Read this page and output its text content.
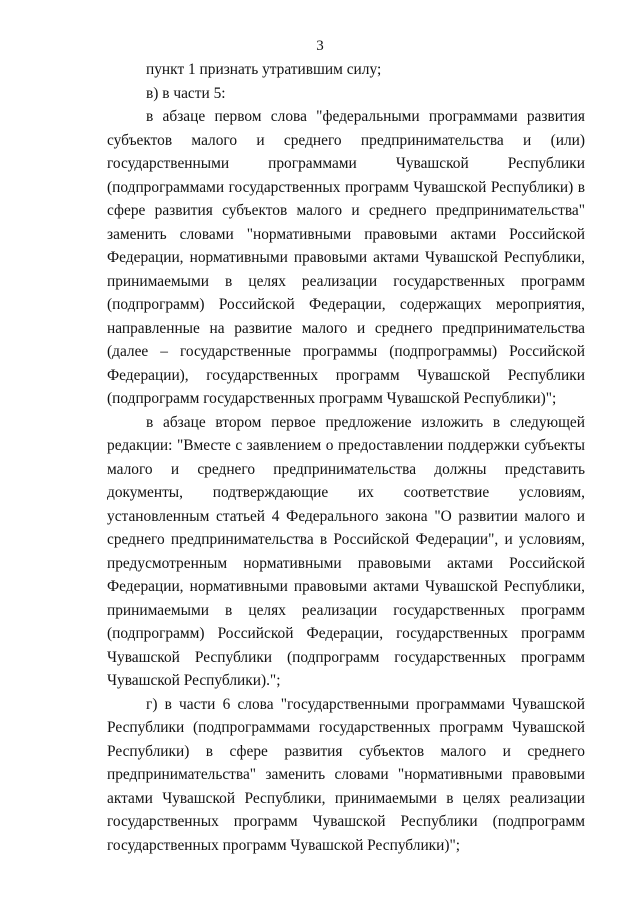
3

пункт 1 признать утратившим силу;

в) в части 5:

в абзаце первом слова "федеральными программами развития субъектов малого и среднего предпринимательства и (или) государственными программами Чувашской Республики (подпрограммами государственных программ Чувашской Республики) в сфере развития субъектов малого и среднего предпринимательства" заменить словами "нормативными правовыми актами Российской Федерации, нормативными правовыми актами Чувашской Республики, принимаемыми в целях реализации государственных программ (подпрограмм) Российской Федерации, содержащих мероприятия, направленные на развитие малого и среднего предпринимательства (далее – государственные программы (подпрограммы) Российской Федерации), государственных программ Чувашской Республики (подпрограмм государственных программ Чувашской Республики)";

в абзаце втором первое предложение изложить в следующей редакции: "Вместе с заявлением о предоставлении поддержки субъекты малого и среднего предпринимательства должны представить документы, подтверждающие их соответствие условиям, установленным статьей 4 Федерального закона "О развитии малого и среднего предпринимательства в Российской Федерации", и условиям, предусмотренным нормативными правовыми актами Российской Федерации, нормативными правовыми актами Чувашской Республики, принимаемыми в целях реализации государственных программ (подпрограмм) Российской Федерации, государственных программ Чувашской Республики (подпрограмм государственных программ Чувашской Республики).";

г) в части 6 слова "государственными программами Чувашской Республики (подпрограммами государственных программ Чувашской Республики) в сфере развития субъектов малого и среднего предпринимательства" заменить словами "нормативными правовыми актами Чувашской Республики, принимаемыми в целях реализации государственных программ Чувашской Республики (подпрограмм государственных программ Чувашской Республики)";
